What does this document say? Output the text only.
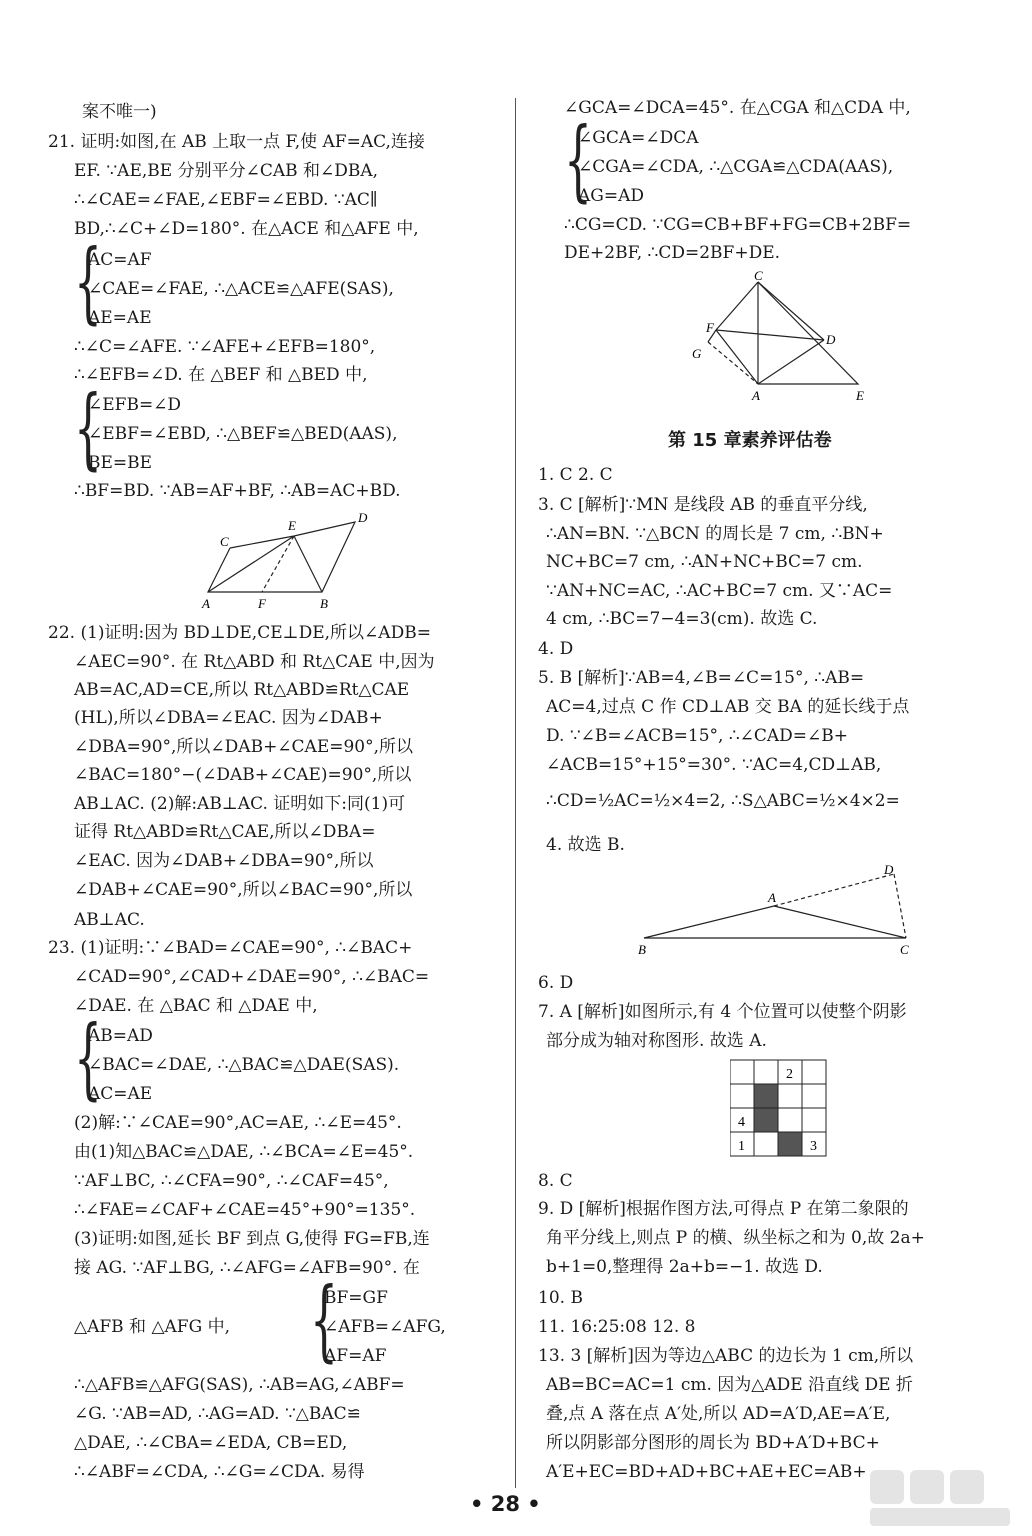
案不唯一)
21. 证明:如图,在 AB 上取一点 F,使 AF=AC,连接
EF. ∵AE,BE 分别平分∠CAB 和∠DBA,
∴∠CAE=∠FAE,∠EBF=∠EBD. ∵AC∥
BD,∴∠C+∠D=180°. 在△ACE 和△AFE 中,
{
AC=AF
∠CAE=∠FAE, ∴△ACE≌△AFE(SAS),
AE=AE
∴∠C=∠AFE. ∵∠AFE+∠EFB=180°,
∴∠EFB=∠D. 在 △BEF 和 △BED 中,
{
∠EFB=∠D
∠EBF=∠EBD, ∴△BEF≌△BED(AAS),
BE=BE
∴BF=BD. ∵AB=AF+BF, ∴AB=AC+BD.
C
E
D
A	F	B
22. (1)证明:因为 BD⊥DE,CE⊥DE,所以∠ADB=
∠AEC=90°. 在 Rt△ABD 和 Rt△CAE 中,因为
AB=AC,AD=CE,所以 Rt△ABD≌Rt△CAE
(HL),所以∠DBA=∠EAC. 因为∠DAB+
∠DBA=90°,所以∠DAB+∠CAE=90°,所以
∠BAC=180°−(∠DAB+∠CAE)=90°,所以
AB⊥AC. (2)解:AB⊥AC. 证明如下:同(1)可
证得 Rt△ABD≌Rt△CAE,所以∠DBA=
∠EAC. 因为∠DAB+∠DBA=90°,所以
∠DAB+∠CAE=90°,所以∠BAC=90°,所以
AB⊥AC.
23. (1)证明:∵∠BAD=∠CAE=90°, ∴∠BAC+
∠CAD=90°,∠CAD+∠DAE=90°, ∴∠BAC=
∠DAE. 在 △BAC 和 △DAE 中,
{
AB=AD
∠BAC=∠DAE, ∴△BAC≌△DAE(SAS).
AC=AE
(2)解:∵∠CAE=90°,AC=AE, ∴∠E=45°.
由(1)知△BAC≌△DAE, ∴∠BCA=∠E=45°.
∵AF⊥BC, ∴∠CFA=90°, ∴∠CAF=45°,
∴∠FAE=∠CAF+∠CAE=45°+90°=135°.
(3)证明:如图,延长 BF 到点 G,使得 FG=FB,连
接 AG. ∵AF⊥BG, ∴∠AFG=∠AFB=90°. 在
{
BF=GF
△AFB 和 △AFG 中,	∠AFB=∠AFG,
AF=AF
∴△AFB≌△AFG(SAS), ∴AB=AG,∠ABF=
∠G. ∵AB=AD, ∴AG=AD. ∵△BAC≌
△DAE, ∴∠CBA=∠EDA, CB=ED,
∴∠ABF=∠CDA, ∴∠G=∠CDA. 易得
∠GCA=∠DCA=45°. 在△CGA 和△CDA 中,
{
∠GCA=∠DCA
∠CGA=∠CDA, ∴△CGA≌△CDA(AAS),
AG=AD
∴CG=CD. ∵CG=CB+BF+FG=CB+2BF=
DE+2BF, ∴CD=2BF+DE.
C
F
G
D
A	E
第 15 章素养评估卷
1. C 2. C
3. C [解析]∵MN 是线段 AB 的垂直平分线,
∴AN=BN. ∵△BCN 的周长是 7 cm, ∴BN+
NC+BC=7 cm, ∴AN+NC+BC=7 cm.
∵AN+NC=AC, ∴AC+BC=7 cm. 又∵AC=
4 cm, ∴BC=7−4=3(cm). 故选 C.
4. D
5. B [解析]∵AB=4,∠B=∠C=15°, ∴AB=
AC=4,过点 C 作 CD⊥AB 交 BA 的延长线于点
D. ∵∠B=∠ACB=15°, ∴∠CAD=∠B+
∠ACB=15°+15°=30°. ∵AC=4,CD⊥AB,
∴CD=½AC=½×4=2, ∴S△ABC=½×4×2=
4. 故选 B.
A
D
B	C
6. D
7. A [解析]如图所示,有 4 个位置可以使整个阴影
部分成为轴对称图形. 故选 A.
2
4
1	3
8. C
9. D [解析]根据作图方法,可得点 P 在第二象限的
角平分线上,则点 P 的横、纵坐标之和为 0,故 2a+
b+1=0,整理得 2a+b=−1. 故选 D.
10. B
11. 16:25:08 12. 8
13. 3 [解析]因为等边△ABC 的边长为 1 cm,所以
AB=BC=AC=1 cm. 因为△ADE 沿直线 DE 折
叠,点 A 落在点 A′处,所以 AD=A′D,AE=A′E,
所以阴影部分图形的周长为 BD+A′D+BC+
A′E+EC=BD+AD+BC+AE+EC=AB+
• 28 •
